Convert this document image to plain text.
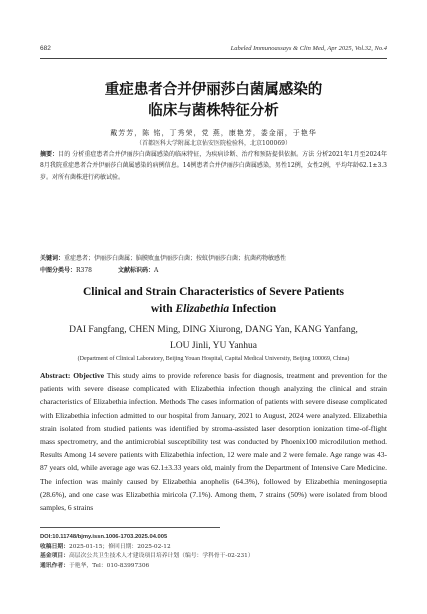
682	Labeled Immunoassays & Clin Med, Apr 2025, Vol.32, No.4
重症患者合并伊丽莎白菌属感染的
临床与菌株特征分析
戴芳芳，陈 铭，丁秀荣，党 燕，康艳芳，娄金丽，于艳华
（首都医科大学附属北京佑安医院检验科，北京100069）
摘要：目的 分析重症患者合并伊丽莎白菌属感染的临床特征，为疾病诊断、治疗和预防提供依据。方法 分析2021年1月至2024年8月我院重症患者合并伊丽莎白菌属感染的病例信息。14例患者合并伊丽莎白菌属感染，男性12例，女性2例，平均年龄62.1±3.3岁。对所有菌株进行药敏试验。
关键词：重症患者；伊丽莎白菌属；脑膜败血伊丽莎白菌；按蚊伊丽莎白菌；抗菌药物敏感性
中图分类号：R378	文献标识码：A
Clinical and Strain Characteristics of Severe Patients
with Elizabethia Infection
DAI Fangfang, CHEN Ming, DING Xiurong, DANG Yan, KANG Yanfang,
LOU Jinli, YU Yanhua
(Department of Clinical Laboratory, Beijing Youan Hospital, Capital Medical University, Beijing 100069, China)
Abstract: Objective This study aims to provide reference basis for diagnosis, treatment and prevention for the patients with severe disease complicated with Elizabethia infection though analyzing the clinical and strain characteristics of Elizabethia infection. Methods The cases information of patients with severe disease complicated with Elizabethia infection admitted to our hospital from January, 2021 to August, 2024 were analyzed. Elizabethia strain isolated from studied patients was identified by stroma-assisted laser desorption ionization time-of-flight mass spectrometry, and the antimicrobial susceptibility test was conducted by Phoenix100 microdilution method. Results Among 14 severe patients with Elizabethia infection, 12 were male and 2 were female. Age range was 43-87 years old, while average age was 62.1±3.33 years old, mainly from the Department of Intensive Care Medicine. The infection was mainly caused by Elizabethia anophelis (64.3%), followed by Elizabethia meningoseptia (28.6%), and one case was Elizabethia miricola (7.1%). Among them, 7 strains (50%) were isolated from blood samples, 6 strains
DOI:10.11748/bjmy.issn.1006-1703.2025.04.005
收稿日期：2025-01-15；修回日期：2025-02-12
基金项目：高层次公共卫生技术人才建设项目培养计划（编号：学科骨干-02-231）
通讯作者：于艳华，Tel：010-83997306
